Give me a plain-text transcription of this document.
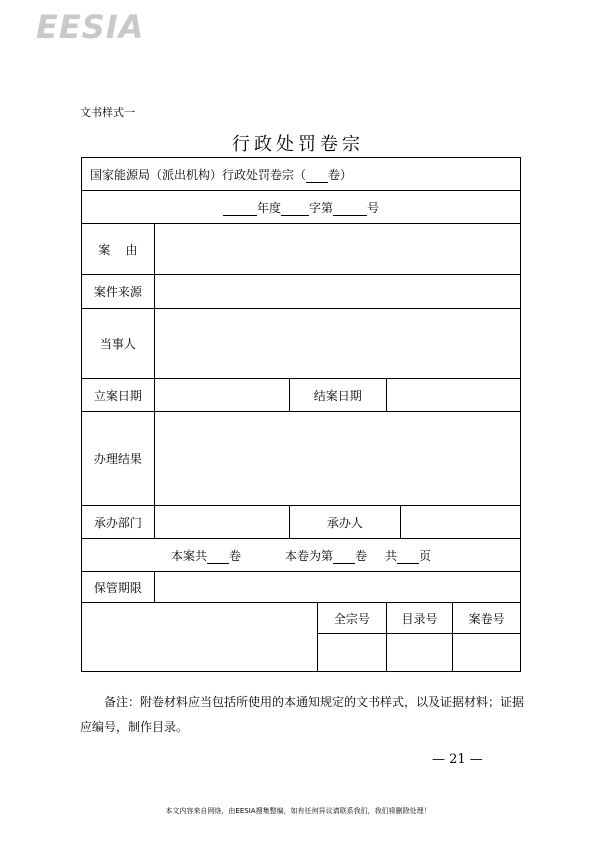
EESIA
文书样式一
行政处罚卷宗
国家能源局（派出机构）行政处罚卷宗（ 卷）						
年度 字第 号						
案    由						
案件来源						
当事人						
立案日期		结案日期				
办理结果						
承办部门		承办人				
本案共 卷 本卷为第 卷 共 页						
保管期限						
			全宗号	目录号		案卷号

备注：附卷材料应当包括所使用的本通知规定的文书样式，以及证据材料；证据应编号，制作目录。
— 21 —
本文内容来自网络，由EESIA搜集整编，如有任何异议请联系我们，我们将删除处理！
